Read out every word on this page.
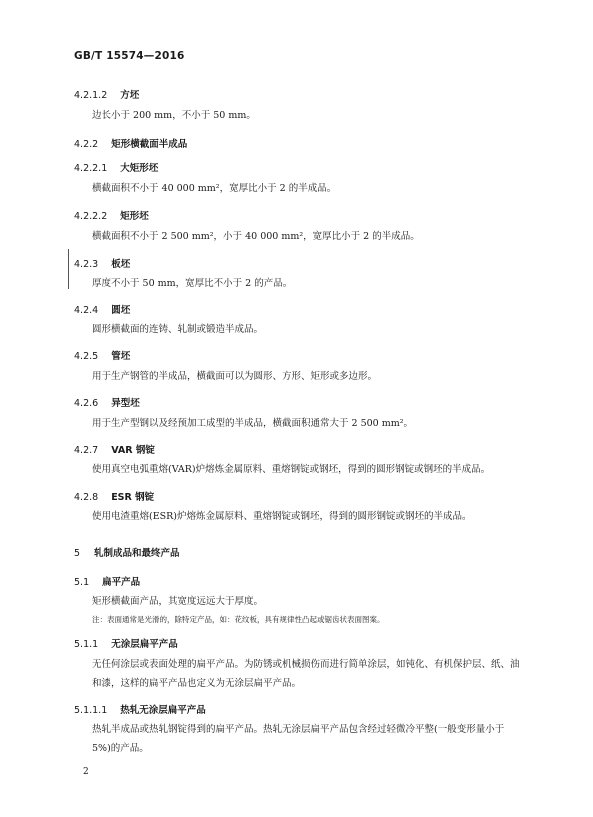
GB/T 15574—2016
4.2.1.2 方坯
边长小于 200 mm，不小于 50 mm。
4.2.2 矩形横截面半成品
4.2.2.1 大矩形坯
横截面积不小于 40 000 mm²，宽厚比小于 2 的半成品。
4.2.2.2 矩形坯
横截面积不小于 2 500 mm²，小于 40 000 mm²，宽厚比小于 2 的半成品。
4.2.3 板坯
厚度不小于 50 mm，宽厚比不小于 2 的产品。
4.2.4 圆坯
圆形横截面的连铸、轧制或锻造半成品。
4.2.5 管坯
用于生产钢管的半成品，横截面可以为圆形、方形、矩形或多边形。
4.2.6 异型坯
用于生产型钢以及经预加工成型的半成品，横截面积通常大于 2 500 mm²。
4.2.7 VAR 钢锭
使用真空电弧重熔(VAR)炉熔炼金属原料、重熔钢锭或钢坯，得到的圆形钢锭或钢坯的半成品。
4.2.8 ESR 钢锭
使用电渣重熔(ESR)炉熔炼金属原料、重熔钢锭或钢坯，得到的圆形钢锭或钢坯的半成品。
5 轧制成品和最终产品
5.1 扁平产品
矩形横截面产品，其宽度远远大于厚度。
注：表面通常是光滑的，除特定产品，如：花纹板，具有规律性凸起或锯齿状表面图案。
5.1.1 无涂层扁平产品
无任何涂层或表面处理的扁平产品。为防锈或机械损伤而进行简单涂层，如钝化、有机保护层、纸、油和漆，这样的扁平产品也定义为无涂层扁平产品。
5.1.1.1 热轧无涂层扁平产品
热轧半成品或热轧钢锭得到的扁平产品。热轧无涂层扁平产品包含经过轻微冷平整(一般变形量小于 5%)的产品。
2
